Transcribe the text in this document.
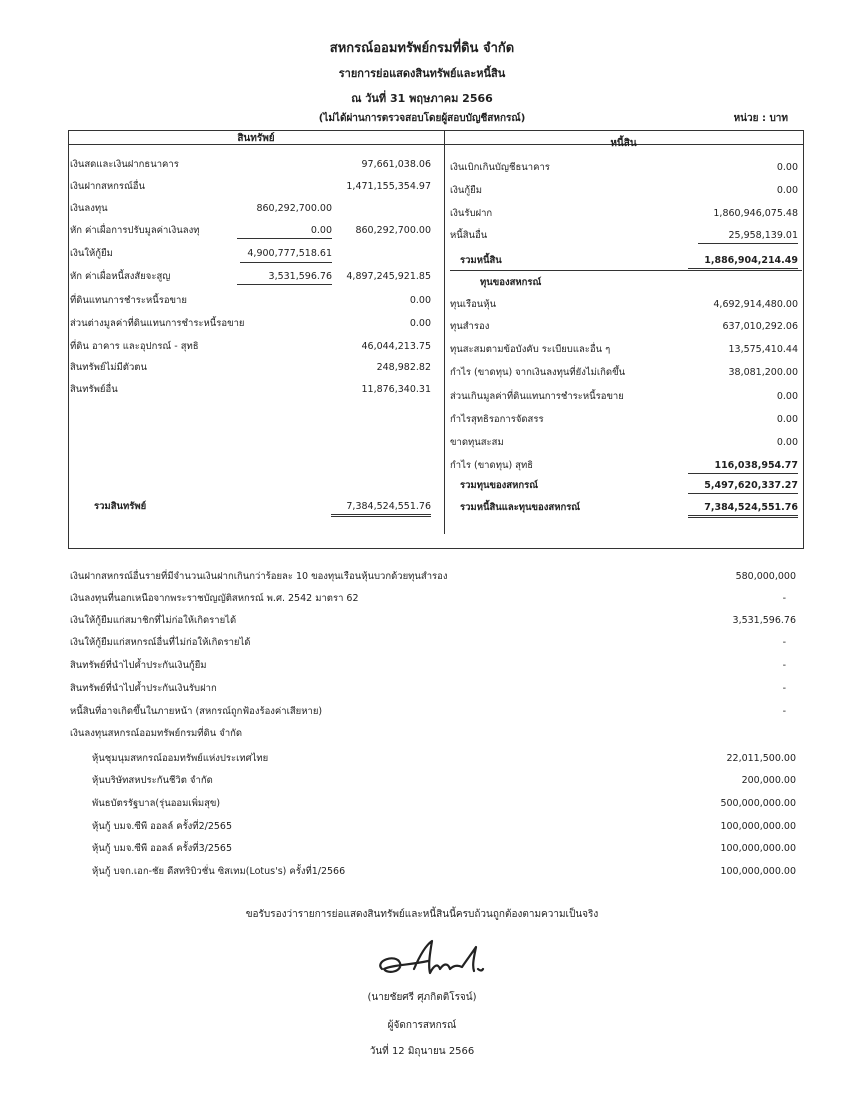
สหกรณ์ออมทรัพย์กรมที่ดิน จำกัด
รายการย่อแสดงสินทรัพย์และหนี้สิน
ณ วันที่ 31 พฤษภาคม 2566
(ไม่ได้ผ่านการตรวจสอบโดยผู้สอบบัญชีสหกรณ์)	หน่วย : บาท
สินทรัพย์	หนี้สิน
เงินสดและเงินฝากธนาคาร	97,661,038.06
เงินฝากสหกรณ์อื่น	1,471,155,354.97
เงินลงทุน	860,292,700.00
หัก ค่าเผื่อการปรับมูลค่าเงินลงทุ	0.00 860,292,700.00
เงินให้กู้ยืม	4,900,777,518.61
หัก ค่าเผื่อหนี้สงสัยจะสูญ	3,531,596.76 4,897,245,921.85
ที่ดินแทนการชำระหนี้รอขาย	0.00
ส่วนต่างมูลค่าที่ดินแทนการชำระหนี้รอขาย	0.00
ที่ดิน อาคาร และอุปกรณ์ - สุทธิ	46,044,213.75
สินทรัพย์ไม่มีตัวตน	248,982.82
สินทรัพย์อื่น	11,876,340.31
รวมสินทรัพย์	7,384,524,551.76
เงินเบิกเกินบัญชีธนาคาร	0.00
เงินกู้ยืม	0.00
เงินรับฝาก	1,860,946,075.48
หนี้สินอื่น	25,958,139.01
รวมหนี้สิน	1,886,904,214.49
ทุนของสหกรณ์
ทุนเรือนหุ้น	4,692,914,480.00
ทุนสำรอง	637,010,292.06
ทุนสะสมตามข้อบังคับ ระเบียบและอื่น ๆ	13,575,410.44
กำไร (ขาดทุน) จากเงินลงทุนที่ยังไม่เกิดขึ้น	38,081,200.00
ส่วนเกินมูลค่าที่ดินแทนการชำระหนี้รอขาย	0.00
กำไรสุทธิรอการจัดสรร	0.00
ขาดทุนสะสม	0.00
กำไร (ขาดทุน) สุทธิ	116,038,954.77
รวมทุนของสหกรณ์	5,497,620,337.27
รวมหนี้สินและทุนของสหกรณ์	7,384,524,551.76
เงินฝากสหกรณ์อื่นรายที่มีจำนวนเงินฝากเกินกว่าร้อยละ 10 ของทุนเรือนหุ้นบวกด้วยทุนสำรอง	580,000,000
เงินลงทุนที่นอกเหนือจากพระราชบัญญัติสหกรณ์ พ.ศ. 2542 มาตรา 62	-
เงินให้กู้ยืมแก่สมาชิกที่ไม่ก่อให้เกิดรายได้	3,531,596.76
เงินให้กู้ยืมแก่สหกรณ์อื่นที่ไม่ก่อให้เกิดรายได้	-
สินทรัพย์ที่นำไปค้ำประกันเงินกู้ยืม	-
สินทรัพย์ที่นำไปค้ำประกันเงินรับฝาก	-
หนี้สินที่อาจเกิดขึ้นในภายหน้า (สหกรณ์ถูกฟ้องร้องค่าเสียหาย)	-
เงินลงทุนสหกรณ์ออมทรัพย์กรมที่ดิน จำกัด
หุ้นชุมนุมสหกรณ์ออมทรัพย์แห่งประเทศไทย	22,011,500.00
หุ้นบริษัทสหประกันชีวิต จำกัด	200,000.00
พันธบัตรรัฐบาล(รุ่นออมเพิ่มสุข)	500,000,000.00
หุ้นกู้ บมจ.ซีพี ออลล์ ครั้งที่2/2565	100,000,000.00
หุ้นกู้ บมจ.ซีพี ออลล์ ครั้งที่3/2565	100,000,000.00
หุ้นกู้ บจก.เอก-ชัย ดีสทริบิวชั่น ซิสเทม(Lotus's) ครั้งที่1/2566	100,000,000.00
ขอรับรองว่ารายการย่อแสดงสินทรัพย์และหนี้สินนี้ครบถ้วนถูกต้องตามความเป็นจริง
(นายชัยศรี ศุภกิตติโรจน์)
ผู้จัดการสหกรณ์
วันที่ 12 มิถุนายน 2566
